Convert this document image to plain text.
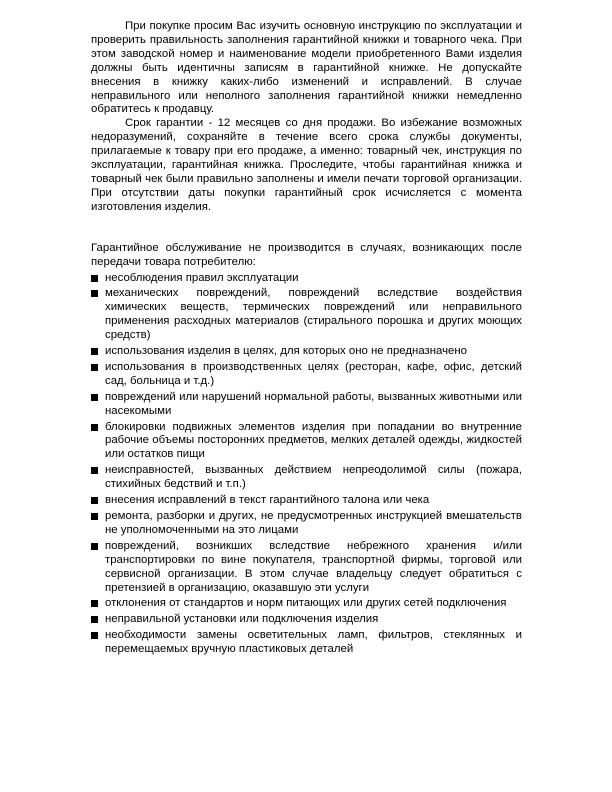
При покупке просим Вас изучить основную инструкцию по эксплуатации и проверить правильность заполнения гарантийной книжки и товарного чека. При этом заводской номер и наименование модели приобретенного Вами изделия должны быть идентичны записям в гарантийной книжке. Не допускайте внесения в книжку каких-либо изменений и исправлений. В случае неправильного или неполного заполнения гарантийной книжки немедленно обратитесь к продавцу.

Срок гарантии - 12 месяцев со дня продажи. Во избежание возможных недоразумений, сохраняйте в течение всего срока службы документы, прилагаемые к товару при его продаже, а именно: товарный чек, инструкция по эксплуатации, гарантийная книжка. Проследите, чтобы гарантийная книжка и товарный чек были правильно заполнены и имели печати торговой организации. При отсутствии даты покупки гарантийный срок исчисляется с момента изготовления изделия.

Гарантийное обслуживание не производится в случаях, возникающих после передачи товара потребителю:

несоблюдения правил эксплуатации
механических повреждений, повреждений вследствие воздействия химических веществ, термических повреждений или неправильного применения расходных материалов (стирального порошка и других моющих средств)
использования изделия в целях, для которых оно не предназначено
использования в производственных целях (ресторан, кафе, офис, детский сад, больница и т.д.)
повреждений или нарушений нормальной работы, вызванных животными или насекомыми
блокировки подвижных элементов изделия при попадании во внутренние рабочие объемы посторонних предметов, мелких деталей одежды, жидкостей или остатков пищи
неисправностей, вызванных действием непреодолимой силы (пожара, стихийных бедствий и т.п.)
внесения исправлений в текст гарантийного талона или чека
ремонта, разборки и других, не предусмотренных инструкцией вмешательств не уполномоченными на это лицами
повреждений, возникших вследствие небрежного хранения и/или транспортировки по вине покупателя, транспортной фирмы, торговой или сервисной организации. В этом случае владельцу следует обратиться с претензией в организацию, оказавшую эти услуги
отклонения от стандартов и норм питающих или других сетей подключения
неправильной установки или подключения изделия
необходимости замены осветительных ламп, фильтров, стеклянных и перемещаемых вручную пластиковых деталей
